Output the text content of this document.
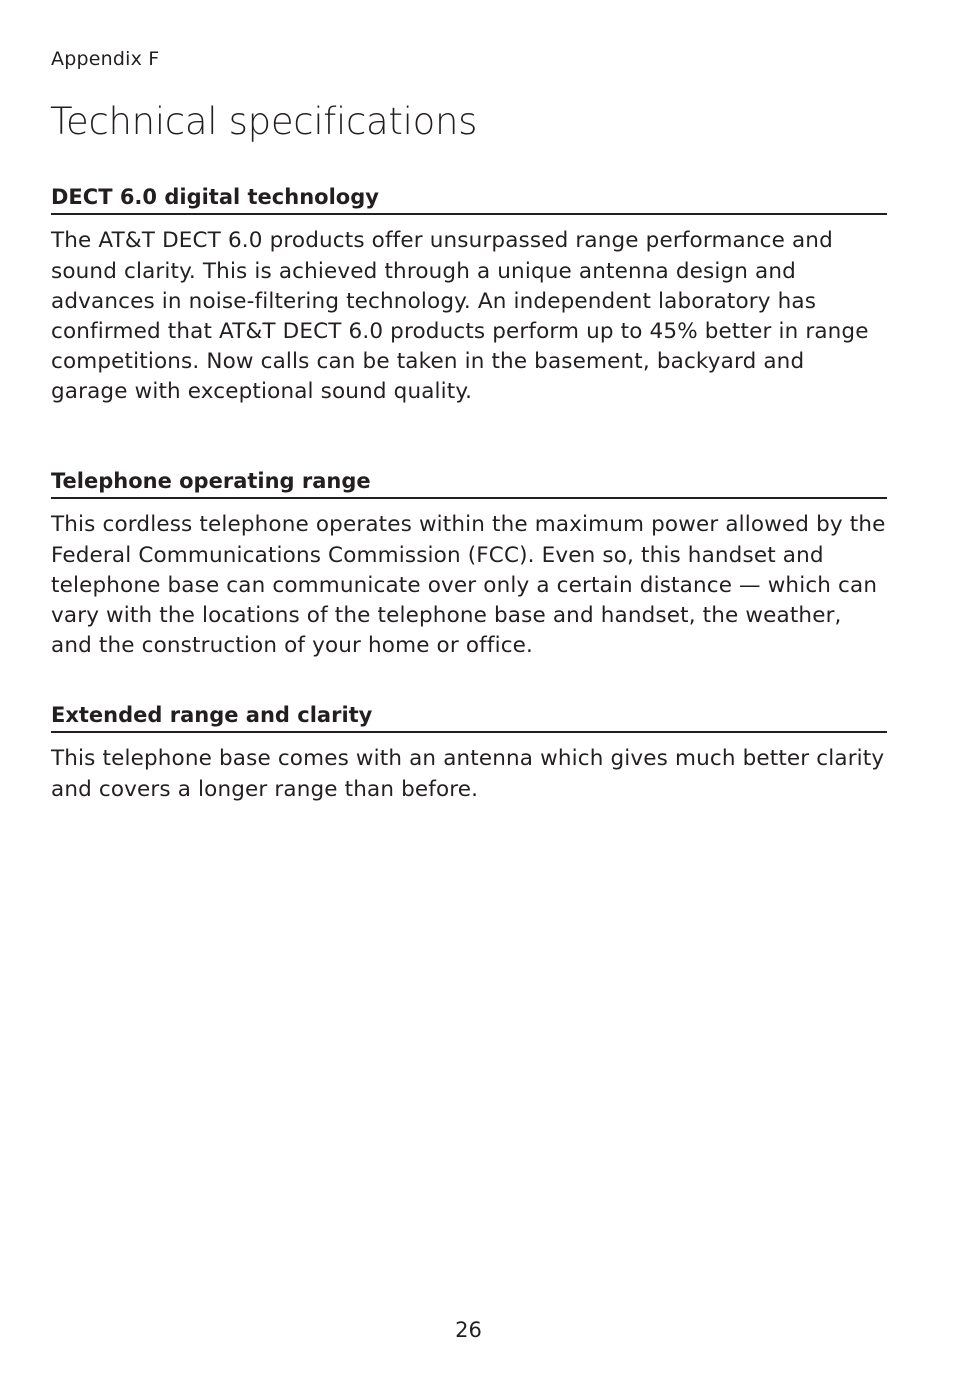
Appendix F
Technical specifications
DECT 6.0 digital technology

The AT&T DECT 6.0 products offer unsurpassed range performance and sound clarity. This is achieved through a unique antenna design and advances in noise-filtering technology. An independent laboratory has confirmed that AT&T DECT 6.0 products perform up to 45% better in range competitions. Now calls can be taken in the basement, backyard and garage with exceptional sound quality.

Telephone operating range

This cordless telephone operates within the maximum power allowed by the Federal Communications Commission (FCC). Even so, this handset and telephone base can communicate over only a certain distance — which can vary with the locations of the telephone base and handset, the weather, and the construction of your home or office.

Extended range and clarity

This telephone base comes with an antenna which gives much better clarity and covers a longer range than before.

26
